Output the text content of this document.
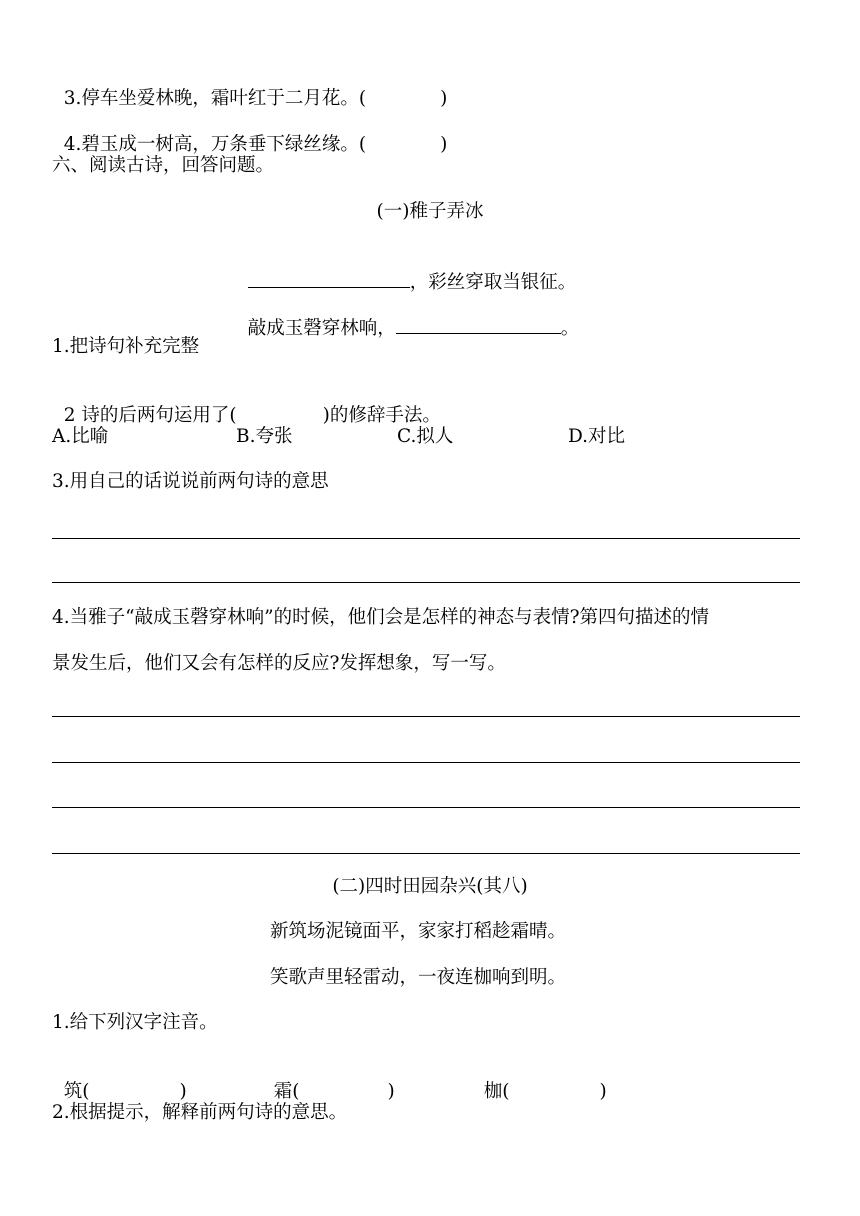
3.停车坐爱林晚，霜叶红于二月花。(	)

4.碧玉成一树高，万条垂下绿丝缘。(	)

六、阅读古诗，回答问题。
(一)稚子弄冰

，彩丝穿取当银征。

敲成玉磬穿林响，	。

1.把诗句补充完整

2 诗的后两句运用了(	)的修辞手法。

A.比喻	B.夸张	C.拟人	D.对比
3.用自己的话说说前两句诗的意思
4.当雅子“敲成玉磬穿林响”的时候，他们会是怎样的神态与表情?第四句描述的情
景发生后，他们又会有怎样的反应?发挥想象，写一写。
(二)四时田园杂兴(其八)
新筑场泥镜面平，家家打稻趁霜晴。
笑歌声里轻雷动，一夜连枷响到明。
1.给下列汉字注音。

筑(	)	霜(	)	枷(	)

2.根据提示，解释前两句诗的意思。
